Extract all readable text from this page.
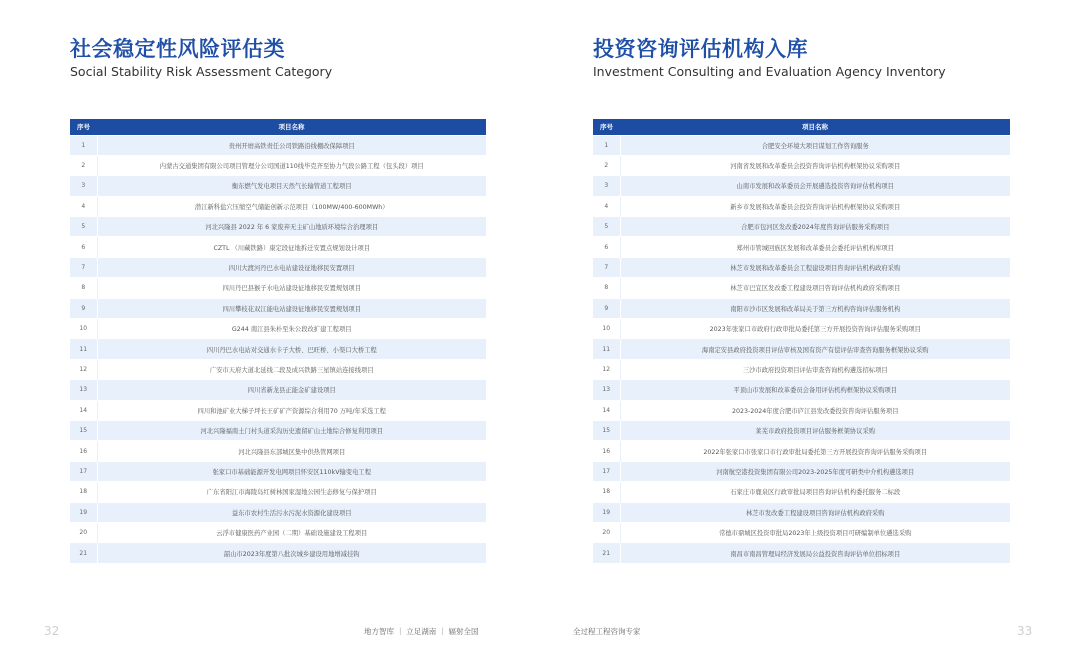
社会稳定性风险评估类
Social Stability Risk Assessment Category
序号	项目名称
1	贵州开磨高铁责任公司铁路沿线棚改保障项目
2	内蒙古交通集团有限公司项目管理分公司国道110线毕克齐至协力气段公路工程（包头段）项目
3	衡东燃气发电项目天然气长输管道工程项目
4	潜江新科盐穴压缩空气储能创新示范项目（100MW/400-600MWh）
5	河北兴隆县 2022 年 6 家废弃无主矿山地质环境综合治理项目
6	CZTL （川藏铁路）康定段征地拆迁安置点规划设计项目
7	四川大渡河丹巴水电站建设征地移民安置项目
8	四川丹巴县猴子水电站建设征地移民安置规划项目
9	四川攀枝花双江能电站建设征地移民安置规划项目
10	G244 南江县朱朴至朱公段改扩建工程项目
11	四川丹巴水电站对交通水卡子大桥、巴旺桥、小渠口大桥工程
12	广安市天府大道北延线二段及成兴铁路三星镇站连接线项目
13	四川省新龙县正能金矿建设项目
14	四川和池矿业大梯子坪长王矿矿产资源综合利用70 万吨/年采选工程
15	河北兴隆福南土门村头道采沟历史遗留矿山土地综合修复利用项目
16	河北兴隆县东部城区集中供热管网项目
17	张家口市基础能源开发电网项目怀安区110kV输变电工程
18	广东省阳江市海陵岛红树林国家湿地公园生态修复与保护项目
19	益东市农村生活污水污泥水资源化建设项目
20	云浮市健康医药产业园（二期）基础设施建设工程项目
21	韶山市2023年度第八批次城乡建设用地增减挂钩
投资咨询评估机构入库
Investment Consulting and Evaluation Agency Inventory
序号	项目名称
1	合肥安全环境大项目谋划工作咨询服务
2	河南省发展和改革委员会投资咨询评估机构框架协议采购项目
3	山南市发展和改革委员会开展遴选投资咨询评估机构项目
4	新乡市发展和改革委员会投资咨询评估机构框架协议采购项目
5	合肥市包河区发改委2024年度咨询评估服务采购项目
6	郑州市管城回族区发展和改革委员会委托评估机构库项目
7	林芝市发展和改革委员会工程建设项目咨询评估机构政府采购
8	林芝市巴宜区发改委工程建设项目咨询评估机构政府采购项目
9	南阳市沙市区发展和改革局关于第三方机构咨询评估服务机构
10	2023年张家口市政府行政审批局委托第三方开展投资咨询评估服务采购项目
11	海南定安县政府投资项目评估审核及国有资产有偿评估审查咨询服务框架协议采购
12	三沙市政府投资项目评估审查咨询机构遴选招标项目
13	平顶山市发展和改革委员会备用评估机构框架协议采购项目
14	2023-2024年度合肥市庐江县发改委投资咨询评估服务项目
15	莱芜市政府投资项目评估服务框架协议采购
16	2022年张家口市张家口市行政审批局委托第三方开展投资咨询评估服务采购项目
17	河南航空港投资集团有限公司2023-2025年度可研类中介机构遴选项目
18	石家庄市鹿泉区行政审批局项目咨询评估机构委托服务二标段
19	林芝市发改委工程建设项目咨询评估机构政府采购
20	常德市鼎城区投资审批局2023年上级投资项目可研编制单位遴选采购
21	南昌市南昌管理局经济发展局公益投资咨询评估单位招标项目
32	地方智库 ｜ 立足湖南 ｜ 辐射全国	全过程工程咨询专家	33
